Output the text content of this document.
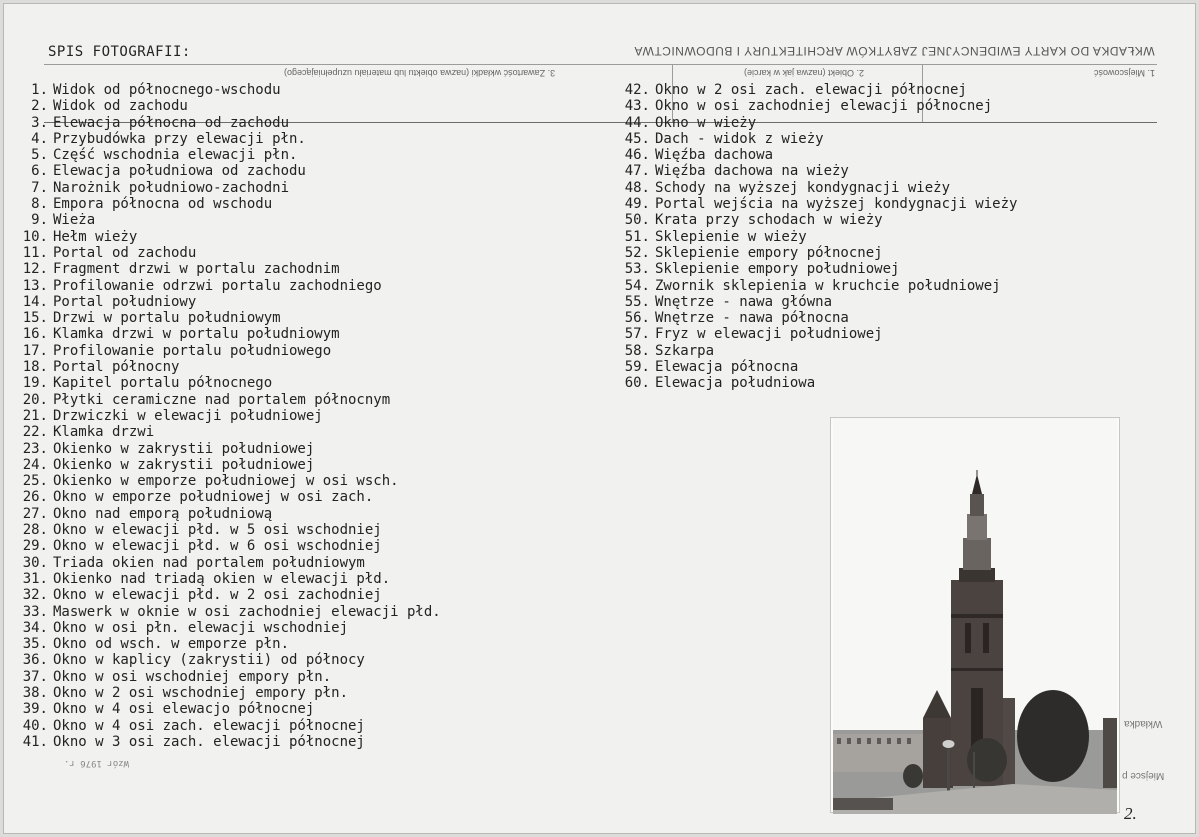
SPIS FOTOGRAFII:	WKŁADKA DO KARTY EWIDENCYJNEJ ZABYTKÓW ARCHITEKTURY I BUDOWNICTWA
3. Zawartość wkładki (nazwa obiektu lub materiału uzupełniającego)	2. Obiekt (nazwa jak w karcie)	1. Miejscowość
1. Widok od północnego-wschodu
2. Widok od zachodu
3. Elewacja północna od zachodu
4. Przybudówka przy elewacji płn.
5. Część wschodnia elewacji płn.
6. Elewacja południowa od zachodu
7. Narożnik południowo-zachodni
8. Empora północna od wschodu
9. Wieża
10. Hełm wieży
11. Portal od zachodu
12. Fragment drzwi w portalu zachodnim
13. Profilowanie odrzwi portalu zachodniego
14. Portal południowy
15. Drzwi w portalu południowym
16. Klamka drzwi w portalu południowym
17. Profilowanie portalu południowego
18. Portal północny
19. Kapitel portalu północnego
20. Płytki ceramiczne nad portalem północnym
21. Drzwiczki w elewacji południowej
22. Klamka drzwi
23. Okienko w zakrystii południowej
24. Okienko w zakrystii południowej
25. Okienko w emporze południowej w osi wsch.
26. Okno w emporze południowej w osi zach.
27. Okno nad emporą południową
28. Okno w elewacji płd. w 5 osi wschodniej
29. Okno w elewacji płd. w 6 osi wschodniej
30. Triada okien nad portalem południowym
31. Okienko nad triadą okien w elewacji płd.
32. Okno w elewacji płd. w 2 osi zachodniej
33. Maswerk w oknie w osi zachodniej elewacji płd.
34. Okno w osi płn. elewacji wschodniej
35. Okno od wsch. w emporze płn.
36. Okno w kaplicy (zakrystii) od północy
37. Okno w osi wschodniej empory płn.
38. Okno w 2 osi wschodniej empory płn.
39. Okno w 4 osi elewacjo północnej
40. Okno w 4 osi zach. elewacji północnej
41. Okno w 3 osi zach. elewacji północnej
42. Okno w 2 osi zach. elewacji północnej
43. Okno w osi zachodniej elewacji północnej
44. Okno w wieży
45. Dach - widok z wieży
46. Więźba dachowa
47. Więźba dachowa na wieży
48. Schody na wyższej kondygnacji wieży
49. Portal wejścia na wyższej kondygnacji wieży
50. Krata przy schodach w wieży
51. Sklepienie w wieży
52. Sklepienie empory północnej
53. Sklepienie empory południowej
54. Zwornik sklepienia w kruchcie południowej
55. Wnętrze - nawa główna
56. Wnętrze - nawa północna
57. Fryz w elewacji południowej
58. Szkarpa
59. Elewacja północna
60. Elewacja południowa
2.
Wkładka
Miejsce p
Wzór 1976 r.
